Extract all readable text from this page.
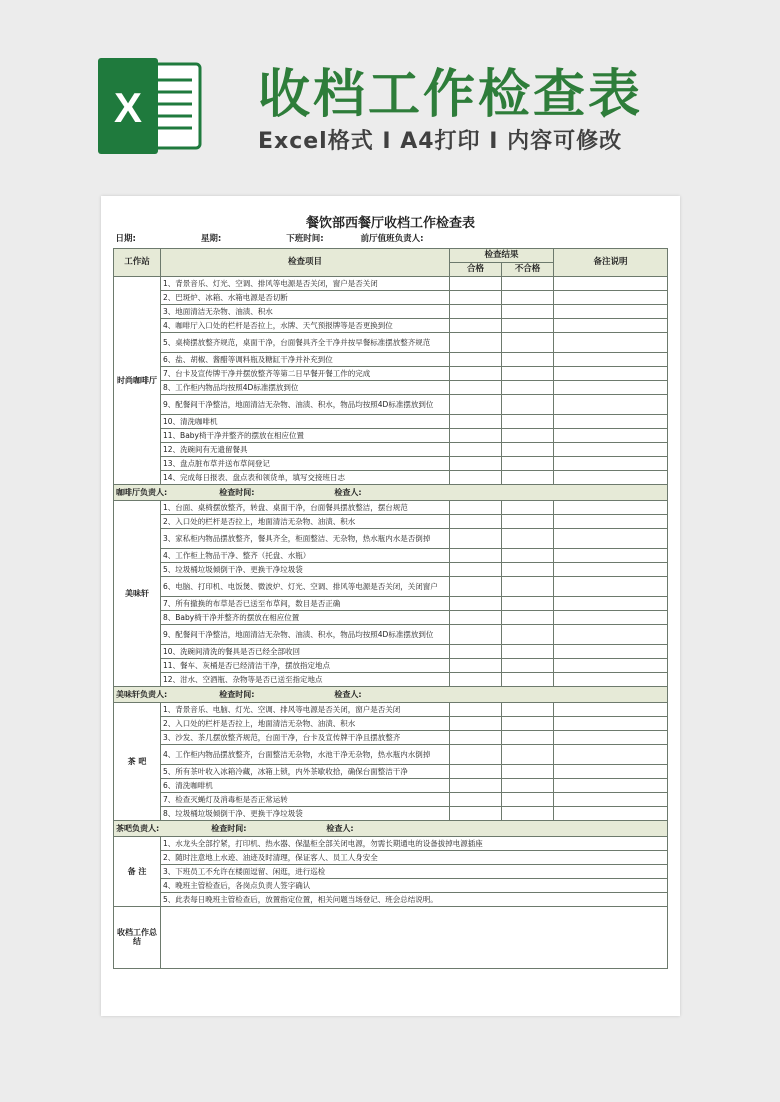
X 收档工作检查表
Excel格式 Ⅰ A4打印 Ⅰ 内容可修改
餐饮部西餐厅收档工作检查表
日期: 星期: 下班时间: 前厅值班负责人:				
工作站	检查项目	检查结果		备注说明
		合格	不合格	
时尚咖啡厅	1、背景音乐、灯光、空调、排风等电源是否关闭，窗户是否关闭			
	2、巴斑炉、冰箱、水箱电源是否切断			
	3、地面清洁无杂物、油渍、积水			
	4、咖啡厅入口处的栏杆是否拉上，水牌、天气预报牌等是否更换到位			
	5、桌椅摆放整齐规范，桌面干净，台面餐具齐全干净并按早餐标准摆放整齐规范			
	6、盐、胡椒、酱醋等调料瓶及糖缸干净并补充到位			
	7、台卡及宣传牌干净并摆放整齐等第二日早餐开餐工作的完成			
	8、工作柜内物品均按照4D标准摆放到位			
	9、配餐间干净整洁，地面清洁无杂物、油渍、积水，物品均按照4D标准摆放到位			
	10、清洗咖啡机			
	11、Baby椅干净并整齐的摆放在相应位置			
	12、洗碗间有无遗留餐具			
	13、盘点脏布草并送布草间登记			
	14、完成每日报表、盘点表和领货单，填写交接班日志			
咖啡厅负责人: 检查时间: 检查人:				
美味轩	1、台面、桌椅摆放整齐，转盘、桌面干净，台面餐具摆放整洁，摆台规范			
	2、入口处的栏杆是否拉上，地面清洁无杂物、油渍、积水			
	3、家私柜内物品摆放整齐，餐具齐全，柜面整洁、无杂物，热水瓶内水是否倒掉			
	4、工作柜上物品干净、整齐（托盘、水瓶）			
	5、垃圾桶垃圾倾倒干净、更换干净垃圾袋			
	6、电脑、打印机、电饭煲、微波炉、灯光、空调、排风等电源是否关闭，关闭窗户			
	7、所有撤换的布草是否已送至布草间，数目是否正确			
	8、Baby椅干净并整齐的摆放在相应位置			
	9、配餐间干净整洁，地面清洁无杂物、油渍、积水，物品均按照4D标准摆放到位			
	10、洗碗间清洗的餐具是否已经全部收回			
	11、餐车、灰桶是否已经清洁干净，摆放指定地点			
	12、泔水、空酒瓶、杂物等是否已送至指定地点			
美味轩负责人: 检查时间: 检查人:				
茶 吧	1、背景音乐、电脑、灯光、空调、排风等电源是否关闭，窗户是否关闭			
	2、入口处的栏杆是否拉上，地面清洁无杂物、油渍、积水			
	3、沙发、茶几摆放整齐规范，台面干净，台卡及宣传牌干净且摆放整齐			
	4、工作柜内物品摆放整齐，台面整洁无杂物，水池干净无杂物，热水瓶内水倒掉			
	5、所有茶叶收入冰箱冷藏，冰箱上锁，内外茶歇收拾，确保台面整洁干净			
	6、清洗咖啡机			
	7、检查灭蝇灯及消毒柜是否正常运转			
	8、垃圾桶垃圾倾倒干净、更换干净垃圾袋			
茶吧负责人: 检查时间: 检查人:				
备 注	1、水龙头全部拧紧，打印机、热水器、保温柜全部关闭电源，勿需长期通电的设备拔掉电源插座			
	2、随时注意地上水迹、油迹及时清理，保证客人、员工人身安全			
	3、下班员工不允许在楼面逗留、闲逛，进行巡检			
	4、晚班主管检查后，各岗点负责人签字确认			
	5、此表每日晚班主管检查后，放置指定位置，相关问题当场登记、班会总结说明。			
收档工作总结				
